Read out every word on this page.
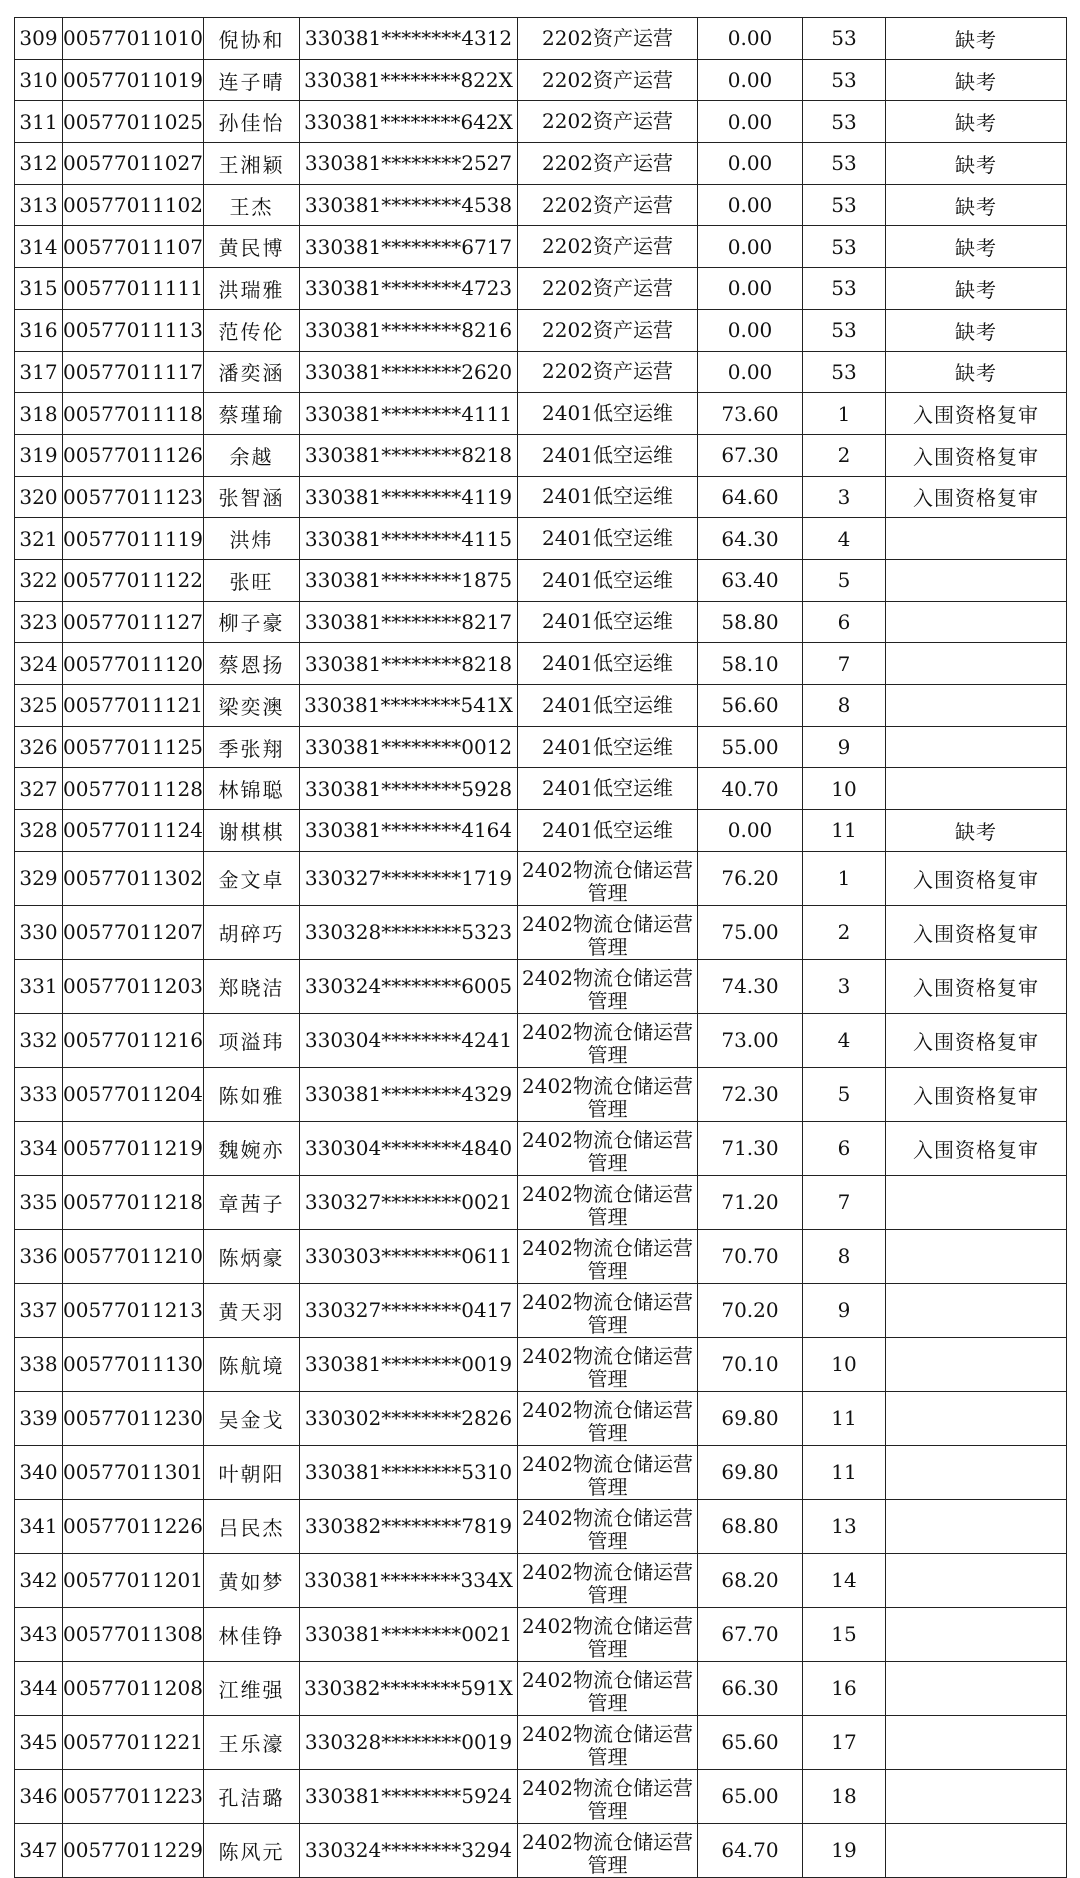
309	00577011010	倪协和	330381********4312	2202资产运营	0.00	53	缺考
310	00577011019	连子晴	330381********822X	2202资产运营	0.00	53	缺考
311	00577011025	孙佳怡	330381********642X	2202资产运营	0.00	53	缺考
312	00577011027	王湘颖	330381********2527	2202资产运营	0.00	53	缺考
313	00577011102	王杰	330381********4538	2202资产运营	0.00	53	缺考
314	00577011107	黄民博	330381********6717	2202资产运营	0.00	53	缺考
315	00577011111	洪瑞雅	330381********4723	2202资产运营	0.00	53	缺考
316	00577011113	范传伦	330381********8216	2202资产运营	0.00	53	缺考
317	00577011117	潘奕涵	330381********2620	2202资产运营	0.00	53	缺考
318	00577011118	蔡瑾瑜	330381********4111	2401低空运维	73.60	1	入围资格复审
319	00577011126	余越	330381********8218	2401低空运维	67.30	2	入围资格复审
320	00577011123	张智涵	330381********4119	2401低空运维	64.60	3	入围资格复审
321	00577011119	洪炜	330381********4115	2401低空运维	64.30	4	
322	00577011122	张旺	330381********1875	2401低空运维	63.40	5	
323	00577011127	柳子豪	330381********8217	2401低空运维	58.80	6	
324	00577011120	蔡恩扬	330381********8218	2401低空运维	58.10	7	
325	00577011121	梁奕澳	330381********541X	2401低空运维	56.60	8	
326	00577011125	季张翔	330381********0012	2401低空运维	55.00	9	
327	00577011128	林锦聪	330381********5928	2401低空运维	40.70	10	
328	00577011124	谢棋棋	330381********4164	2401低空运维	0.00	11	缺考
329	00577011302	金文卓	330327********1719	2402物流仓储运营管理	76.20	1	入围资格复审
330	00577011207	胡碎巧	330328********5323	2402物流仓储运营管理	75.00	2	入围资格复审
331	00577011203	郑晓洁	330324********6005	2402物流仓储运营管理	74.30	3	入围资格复审
332	00577011216	项溢玮	330304********4241	2402物流仓储运营管理	73.00	4	入围资格复审
333	00577011204	陈如雅	330381********4329	2402物流仓储运营管理	72.30	5	入围资格复审
334	00577011219	魏婉亦	330304********4840	2402物流仓储运营管理	71.30	6	入围资格复审
335	00577011218	章茜子	330327********0021	2402物流仓储运营管理	71.20	7	
336	00577011210	陈炳豪	330303********0611	2402物流仓储运营管理	70.70	8	
337	00577011213	黄天羽	330327********0417	2402物流仓储运营管理	70.20	9	
338	00577011130	陈航境	330381********0019	2402物流仓储运营管理	70.10	10	
339	00577011230	吴金戈	330302********2826	2402物流仓储运营管理	69.80	11	
340	00577011301	叶朝阳	330381********5310	2402物流仓储运营管理	69.80	11	
341	00577011226	吕民杰	330382********7819	2402物流仓储运营管理	68.80	13	
342	00577011201	黄如梦	330381********334X	2402物流仓储运营管理	68.20	14	
343	00577011308	林佳铮	330381********0021	2402物流仓储运营管理	67.70	15	
344	00577011208	江维强	330382********591X	2402物流仓储运营管理	66.30	16	
345	00577011221	王乐濠	330328********0019	2402物流仓储运营管理	65.60	17	
346	00577011223	孔洁璐	330381********5924	2402物流仓储运营管理	65.00	18	
347	00577011229	陈风元	330324********3294	2402物流仓储运营管理	64.70	19	
